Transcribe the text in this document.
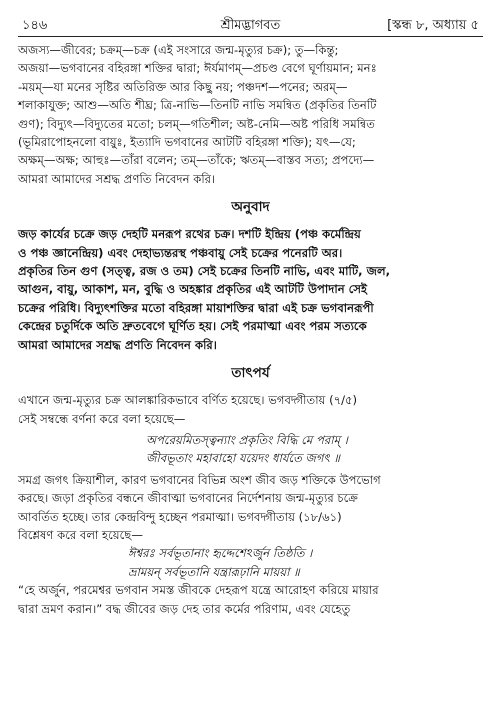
১৪৬	শ্রীমদ্ভাগবত	[স্কন্ধ ৮, অধ্যায় ৫

অজস্য—জীবের; চক্রম্—চক্র (এই সংসারে জন্ম-মৃত্যুর চক্র); তু—কিন্তু;

অজয়া—ভগবানের বহিরঙ্গা শক্তির দ্বারা; ঈর্যমাণম্—প্রচণ্ড বেগে ঘূর্ণায়মান; মনঃ

-ময়ম্—যা মনের সৃষ্টির অতিরিক্ত আর কিছু নয়; পঞ্চদশ—পনের; অরম্—

শলাকাযুক্ত; আশু—অতি শীঘ্র; ত্রি-নাভি—তিনটি নাভি সমন্বিত (প্রকৃতির তিনটি

গুণ); বিদ্যুৎ—বিদ্যুতের মতো; চলম্—গতিশীল; অষ্ট-নেমি—অষ্ট পরিধি সমন্বিত

(ভূমিরাপোহনলো বায়ুঃ, ইত্যাদি ভগবানের আটটি বহিরঙ্গা শক্তি); যৎ—যে;

অক্ষম্—অক্ষ; আহুঃ—তাঁরা বলেন; তম্—তাঁকে; ঋতম্—বাস্তব সত্য; প্রপদ্যে—

আমরা আমাদের সশ্রদ্ধ প্রণতি নিবেদন করি।

অনুবাদ

জড় কার্যের চক্রে জড় দেহটি মনরূপ রথের চক্র। দশটি ইন্দ্রিয় (পঞ্চ কর্মেন্দ্রিয়

ও পঞ্চ জ্ঞানেন্দ্রিয়) এবং দেহাভ্যন্তরস্থ পঞ্চবায়ু সেই চক্রের পনেরটি অর।

প্রকৃতির তিন গুণ (সত্ত্ব, রজ ও তম) সেই চক্রের তিনটি নাভি, এবং মাটি, জল,

আগুন, বায়ু, আকাশ, মন, বুদ্ধি ও অহঙ্কার প্রকৃতির এই আটটি উপাদান সেই

চক্রের পরিধি। বিদ্যুৎশক্তির মতো বহিরঙ্গা মায়াশক্তির দ্বারা এই চক্র ভগবানরূপী

কেন্দ্রের চতুর্দিকে অতি দ্রুতবেগে ঘূর্ণিত হয়। সেই পরমাত্মা এবং পরম সত্যকে

আমরা আমাদের সশ্রদ্ধ প্রণতি নিবেদন করি।

তাৎপর্য

এখানে জন্ম-মৃত্যুর চক্র আলঙ্কারিকভাবে বর্ণিত হয়েছে। ভগবদ্গীতায় (৭/৫)

সেই সম্বন্ধে বর্ণনা করে বলা হয়েছে—

অপরেয়মিতস্ত্বন্যাং প্রকৃতিং বিদ্ধি মে পরাম্ ।

জীবভূতাং মহাবাহো যয়েদং ধার্যতে জগৎ ॥

সমগ্র জগৎ ক্রিয়াশীল, কারণ ভগবানের বিভিন্ন অংশ জীব জড় শক্তিকে উপভোগ

করছে। জড়া প্রকৃতির বন্ধনে জীবাত্মা ভগবানের নির্দেশনায় জন্ম-মৃত্যুর চক্রে

আবর্তিত হচ্ছে। তার কেন্দ্রবিন্দু হচ্ছেন পরমাত্মা। ভগবদ্গীতায় (১৮/৬১)

বিশ্লেষণ করে বলা হয়েছে—

ঈশ্বরঃ সর্বভূতানাং হৃদ্দেশেঽর্জুন তিষ্ঠতি ।

ভ্রাময়ন্ সর্বভূতানি যন্ত্রারূঢ়ানি মায়য়া ॥

“হে অর্জুন, পরমেশ্বর ভগবান সমস্ত জীবকে দেহরূপ যন্ত্রে আরোহণ করিয়ে মায়ার

দ্বারা ভ্রমণ করান।” বদ্ধ জীবের জড় দেহ তার কর্মের পরিণাম, এবং যেহেতু
